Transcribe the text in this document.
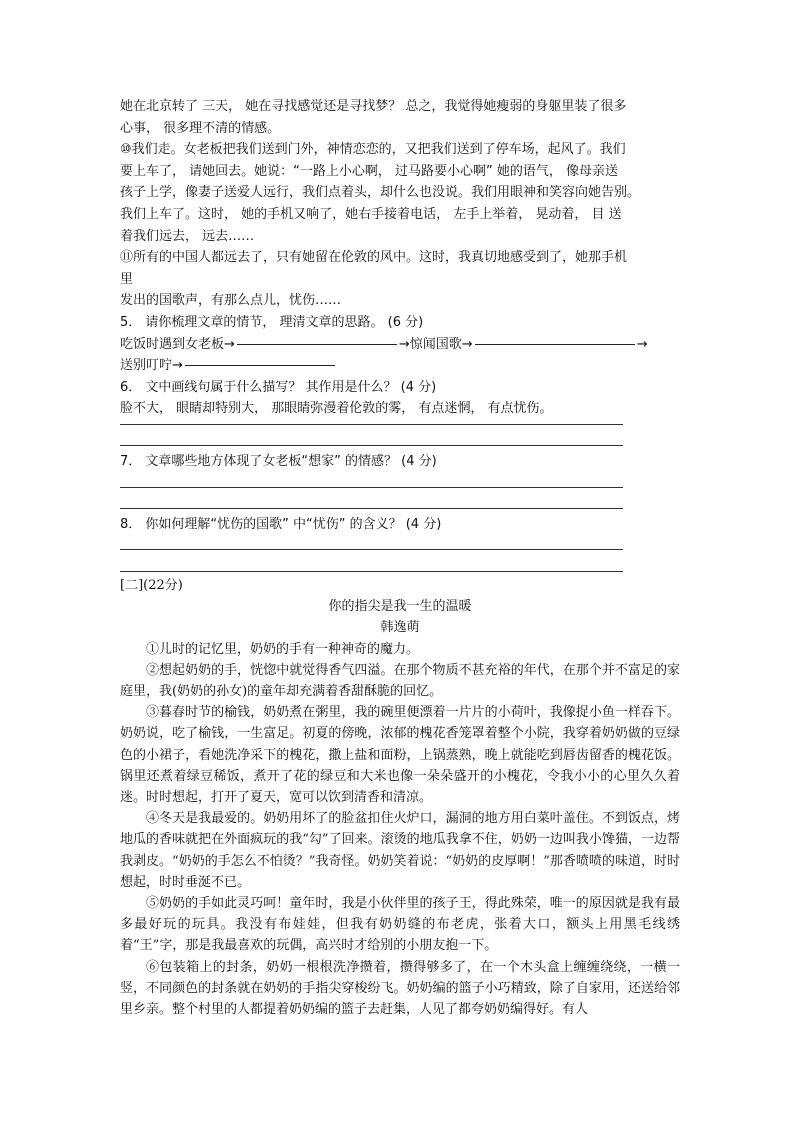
她在北京转了 三天， 她在寻找感觉还是寻找梦？ 总之，我觉得她瘦弱的身躯里装了很多
心事， 很多理不清的情感。
⑩我们走。女老板把我们送到门外，神情恋恋的，又把我们送到了停车场，起风了。我们
要上车了， 请她回去。她说：“一路上小心啊， 过马路要小心啊” 她的语气， 像母亲送
孩子上学，像妻子送爱人远行，我们点着头，却什么也没说。我们用眼神和笑容向她告别。
我们上车了。这时， 她的手机又响了，她右手接着电话， 左手上举着， 晃动着， 目 送
着我们远去， 远去……
⑪所有的中国人都远去了，只有她留在伦敦的风中。这时，我真切地感受到了，她那手机
里
发出的国歌声，有那么点儿，忧伤……
5． 请你梳理文章的情节， 理清文章的思路。 (6 分)
吃饭时遇到女老板→	→惊闻国歌→	→
送别叮咛→
6． 文中画线句属于什么描写？ 其作用是什么？ (4 分)
脸不大， 眼睛却特别大， 那眼睛弥漫着伦敦的雾， 有点迷惘， 有点忧伤。
7． 文章哪些地方体现了女老板“想家” 的情感？ (4 分)
8． 你如何理解“忧伤的国歌” 中“忧伤” 的含义？ (4 分)
[二](22分)
你的指尖是我一生的温暖
韩逸萌
①儿时的记忆里，奶奶的手有一种神奇的魔力。
②想起奶奶的手，恍惚中就觉得香气四溢。在那个物质不甚充裕的年代，在那个并不富足的家庭里，我(奶奶的孙女)的童年却充满着香甜酥脆的回忆。
③暮春时节的榆钱，奶奶煮在粥里，我的碗里便漂着一片片的小荷叶，我像捉小鱼一样吞下。奶奶说，吃了榆钱，一生富足。初夏的傍晚，浓郁的槐花香笼罩着整个小院，我穿着奶奶做的豆绿色的小裙子，看她洗净采下的槐花，撒上盐和面粉，上锅蒸熟，晚上就能吃到唇齿留香的槐花饭。锅里还煮着绿豆稀饭，煮开了花的绿豆和大米也像一朵朵盛开的小槐花，令我小小的心里久久着迷。时时想起，打开了夏天，宽可以饮到清香和清凉。
④冬天是我最爱的。奶奶用坏了的脸盆扣住火炉口，漏洞的地方用白菜叶盖住。不到饭点，烤地瓜的香味就把在外面疯玩的我“勾”了回来。滚烫的地瓜我拿不住，奶奶一边叫我小馋猫，一边帮我剥皮。“奶奶的手怎么不怕烫？”我奇怪。奶奶笑着说：“奶奶的皮厚啊！”那香喷喷的味道，时时想起，时时垂涎不已。
⑤奶奶的手如此灵巧呵！童年时，我是小伙伴里的孩子王，得此殊荣，唯一的原因就是我有最多最好玩的玩具。我没有布娃娃，但我有奶奶缝的布老虎，张着大口，额头上用黑毛线绣着“王”字，那是我最喜欢的玩偶，高兴时才给别的小朋友抱一下。
⑥包装箱上的封条，奶奶一根根洗净攒着，攒得够多了，在一个木头盒上缠缠绕绕，一横一竖，不同颜色的封条就在奶奶的手指尖穿梭纷飞。奶奶编的篮子小巧精致，除了自家用，还送给邻里乡亲。整个村里的人都提着奶奶编的篮子去赶集，人见了都夸奶奶编得好。有人
